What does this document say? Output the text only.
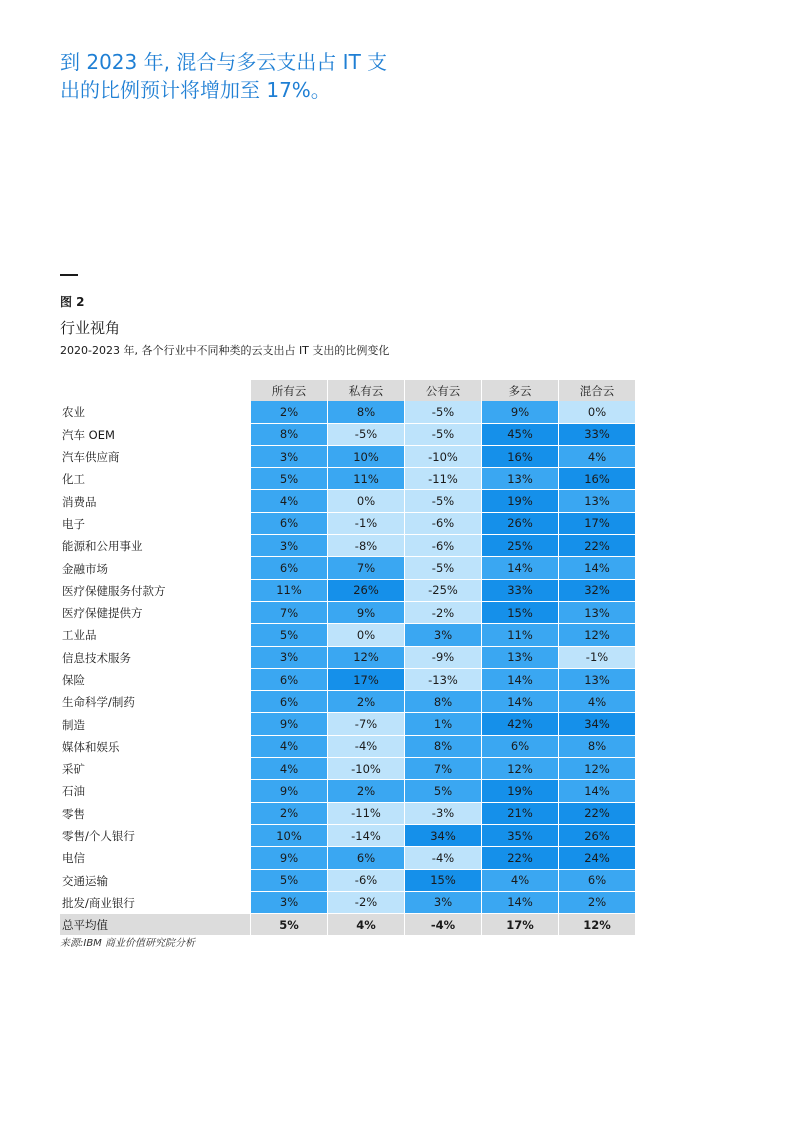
到 2023 年, 混合与多云支出占 IT 支
出的比例预计将增加至 17%。
图 2
行业视角
2020-2023 年, 各个行业中不同种类的云支出占 IT 支出的比例变化
	所有云	私有云	公有云	多云	混合云
农业	2%	8%	-5%	9%	0%
汽车 OEM	8%	-5%	-5%	45%	33%
汽车供应商	3%	10%	-10%	16%	4%
化工	5%	11%	-11%	13%	16%
消费品	4%	0%	-5%	19%	13%
电子	6%	-1%	-6%	26%	17%
能源和公用事业	3%	-8%	-6%	25%	22%
金融市场	6%	7%	-5%	14%	14%
医疗保健服务付款方	11%	26%	-25%	33%	32%
医疗保健提供方	7%	9%	-2%	15%	13%
工业品	5%	0%	3%	11%	12%
信息技术服务	3%	12%	-9%	13%	-1%
保险	6%	17%	-13%	14%	13%
生命科学/制药	6%	2%	8%	14%	4%
制造	9%	-7%	1%	42%	34%
媒体和娱乐	4%	-4%	8%	6%	8%
采矿	4%	-10%	7%	12%	12%
石油	9%	2%	5%	19%	14%
零售	2%	-11%	-3%	21%	22%
零售/个人银行	10%	-14%	34%	35%	26%
电信	9%	6%	-4%	22%	24%
交通运输	5%	-6%	15%	4%	6%
批发/商业银行	3%	-2%	3%	14%	2%
总平均值	5%	4%	-4%	17%	12%
来源:IBM 商业价值研究院分析
